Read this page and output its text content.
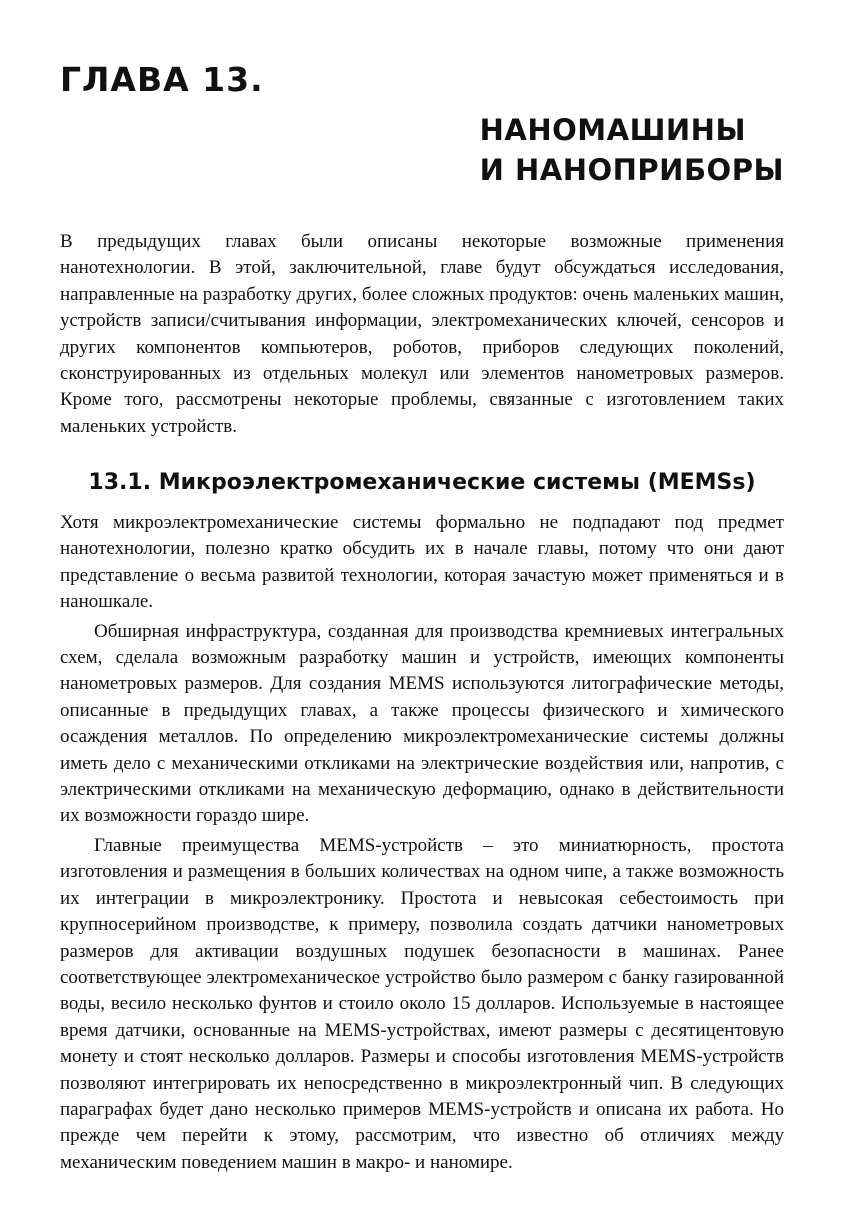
ГЛАВА 13.
НАНОМАШИНЫ
И НАНОПРИБОРЫ

В предыдущих главах были описаны некоторые возможные применения нанотехнологии. В этой, заключительной, главе будут обсуждаться исследования, направленные на разработку других, более сложных продуктов: очень маленьких машин, устройств записи/считывания информации, электромеханических ключей, сенсоров и других компонентов компьютеров, роботов, приборов следующих поколений, сконструированных из отдельных молекул или элементов нанометровых размеров. Кроме того, рассмотрены некоторые проблемы, связанные с изготовлением таких маленьких устройств.

13.1. Микроэлектромеханические системы (MEMSs)

Хотя микроэлектромеханические системы формально не подпадают под предмет нанотехнологии, полезно кратко обсудить их в начале главы, потому что они дают представление о весьма развитой технологии, которая зачастую может применяться и в наношкале.

Обширная инфраструктура, созданная для производства кремниевых интегральных схем, сделала возможным разработку машин и устройств, имеющих компоненты нанометровых размеров. Для создания MEMS используются литографические методы, описанные в предыдущих главах, а также процессы физического и химического осаждения металлов. По определению микроэлектромеханические системы должны иметь дело с механическими откликами на электрические воздействия или, напротив, с электрическими откликами на механическую деформацию, однако в действительности их возможности гораздо шире.

Главные преимущества MEMS-устройств – это миниатюрность, простота изготовления и размещения в больших количествах на одном чипе, а также возможность их интеграции в микроэлектронику. Простота и невысокая себестоимость при крупносерийном производстве, к примеру, позволила создать датчики нанометровых размеров для активации воздушных подушек безопасности в машинах. Ранее соответствующее электромеханическое устройство было размером с банку газированной воды, весило несколько фунтов и стоило около 15 долларов. Используемые в настоящее время датчики, основанные на MEMS-устройствах, имеют размеры с десятицентовую монету и стоят несколько долларов. Размеры и способы изготовления MEMS-устройств позволяют интегрировать их непосредственно в микроэлектронный чип. В следующих параграфах будет дано несколько примеров MEMS-устройств и описана их работа. Но прежде чем перейти к этому, рассмотрим, что известно об отличиях между механическим поведением машин в макро- и наномире.
